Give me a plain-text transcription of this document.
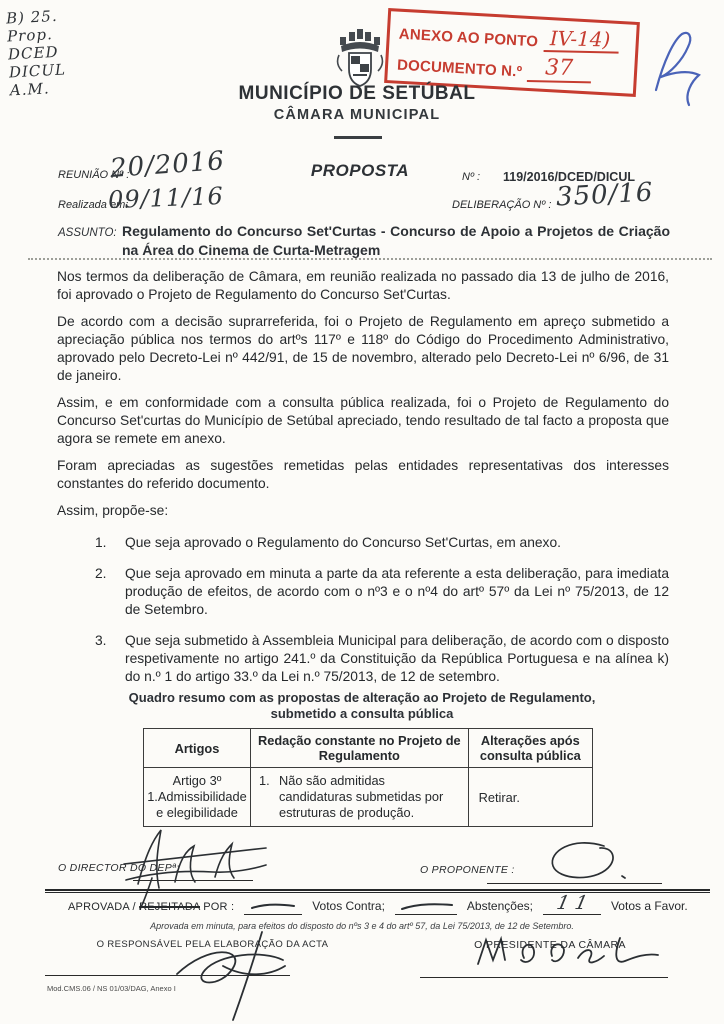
B) 25.
Prop.
DCED
DICUL
A.M.
ANEXO AO PONTO IV-14)
DOCUMENTO N.º	37
MUNICÍPIO DE SETÚBAL
CÂMARA MUNICIPAL
REUNIÃO Nº :
20/2016	PROPOSTA	Nº : 119/2016/DCED/DICUL
Realizada em:
09/11/16	DELIBERAÇÃO Nº : 350/16
ASSUNTO: Regulamento do Concurso Set'Curtas - Concurso de Apoio a Projetos de Criação na Área do Cinema de Curta-Metragem

Nos termos da deliberação de Câmara, em reunião realizada no passado dia 13 de julho de 2016, foi aprovado o Projeto de Regulamento do Concurso Set'Curtas.

De acordo com a decisão suprarreferida, foi o Projeto de Regulamento em apreço submetido a apreciação pública nos termos do artºs 117º e 118º do Código do Procedimento Administrativo, aprovado pelo Decreto-Lei nº 442/91, de 15 de novembro, alterado pelo Decreto-Lei nº 6/96, de 31 de janeiro.

Assim, e em conformidade com a consulta pública realizada, foi o Projeto de Regulamento do Concurso Set'curtas do Município de Setúbal apreciado, tendo resultado de tal facto a proposta que agora se remete em anexo.

Foram apreciadas as sugestões remetidas pelas entidades representativas dos interesses constantes do referido documento.

Assim, propõe-se:

1.	Que seja aprovado o Regulamento do Concurso Set'Curtas, em anexo.
2.	Que seja aprovado em minuta a parte da ata referente a esta deliberação, para imediata produção de efeitos, de acordo com o nº3 e o nº4 do artº 57º da Lei nº 75/2013, de 12 de Setembro.
3.	Que seja submetido à Assembleia Municipal para deliberação, de acordo com o disposto respetivamente no artigo 241.º da Constituição da República Portuguesa e na alínea k) do n.º 1 do artigo 33.º da Lei n.º 75/2013, de 12 de setembro.
Quadro resumo com as propostas de alteração ao Projeto de Regulamento, submetido a consulta pública
Artigos	Redação constante no Projeto de Regulamento	Alterações após consulta pública
Artigo 3º 1.Admissibilidade e elegibilidade	1. Não são admitidas candidaturas submetidas por estruturas de produção.	Retirar.
O DIRECTOR DO DEPª:	O PROPONENTE :
APROVADA / REJEITADA POR :	Votos Contra;	Abstenções; 11 Votos a Favor.
Aprovada em minuta, para efeitos do disposto do nºs 3 e 4 do artº 57, da Lei 75/2013, de 12 de Setembro.
O RESPONSÁVEL PELA ELABORAÇÃO DA ACTA	O PRESIDENTE DA CÂMARA
Mod.CMS.06 / NS 01/03/DAG, Anexo I
